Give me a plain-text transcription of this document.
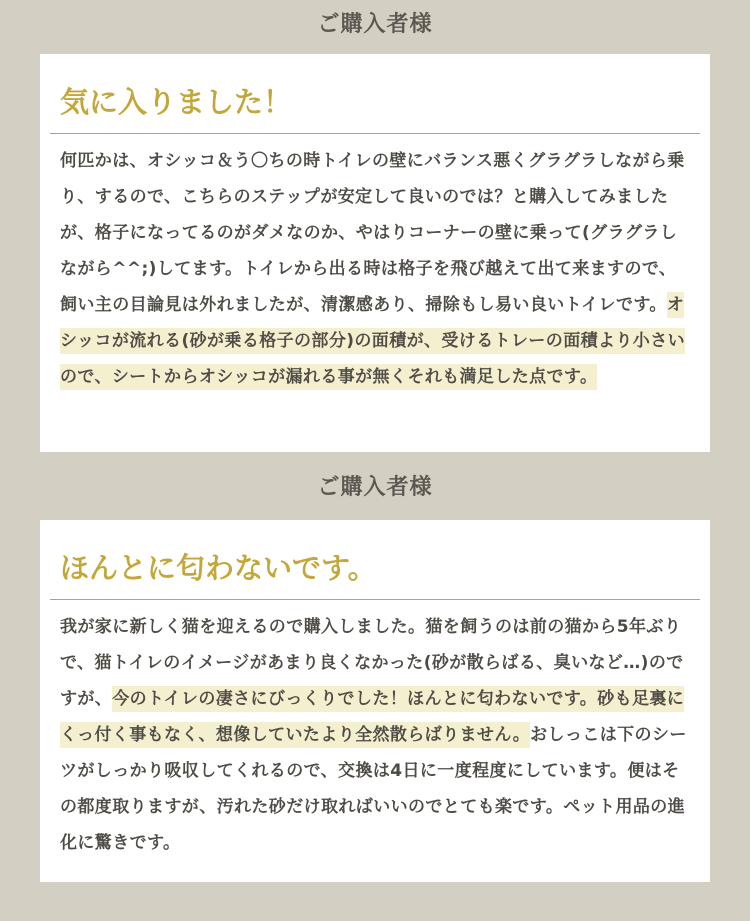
ご購入者様
気に入りました！
何匹かは、オシッコ＆う〇ちの時トイレの壁にバランス悪くグラグラしながら乗り、するので、こちらのステップが安定して良いのでは？と購入してみましたが、格子になってるのがダメなのか、やはりコーナーの壁に乗って(グラグラしながら^^;)してます。トイレから出る時は格子を飛び越えて出て来ますので、飼い主の目論見は外れましたが、清潔感あり、掃除もし易い良いトイレです。オシッコが流れる(砂が乗る格子の部分)の面積が、受けるトレーの面積より小さいので、シートからオシッコが漏れる事が無くそれも満足した点です。
ご購入者様
ほんとに匂わないです。
我が家に新しく猫を迎えるので購入しました。猫を飼うのは前の猫から5年ぶりで、猫トイレのイメージがあまり良くなかった(砂が散らばる、臭いなど…)のですが、今のトイレの凄さにびっくりでした！ほんとに匂わないです。砂も足裏にくっ付く事もなく、想像していたより全然散らばりません。おしっこは下のシーツがしっかり吸収してくれるので、交換は4日に一度程度にしています。便はその都度取りますが、汚れた砂だけ取ればいいのでとても楽です。ペット用品の進化に驚きです。
